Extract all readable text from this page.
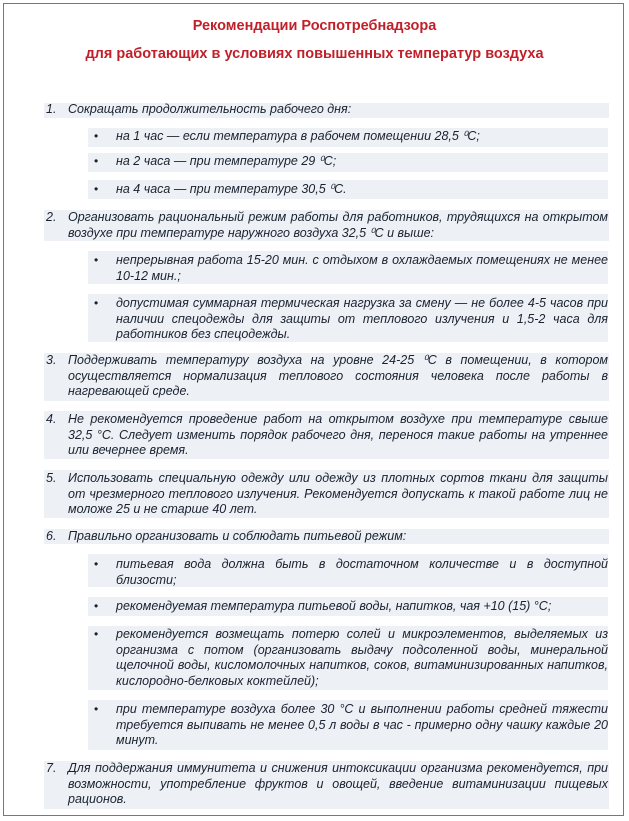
Рекомендации Роспотребнадзора
для работающих в условиях повышенных температур воздуха
1. Сокращать продолжительность рабочего дня:
• на 1 час — если температура в рабочем помещении 28,5 ⁰С;
• на 2 часа — при температуре 29 ⁰С;
• на 4 часа — при температуре 30,5 ⁰С.
2. Организовать рациональный режим работы для работников, трудящихся на открытом воздухе при температуре наружного воздуха 32,5 ⁰С и выше:
• непрерывная работа 15-20 мин. с отдыхом в охлаждаемых помещениях не менее 10-12 мин.;
• допустимая суммарная термическая нагрузка за смену — не более 4-5 часов при наличии спецодежды для защиты от теплового излучения и 1,5-2 часа для работников без спецодежды.
3. Поддерживать температуру воздуха на уровне 24-25 ⁰С в помещении, в котором осуществляется нормализация теплового состояния человека после работы в нагревающей среде.
4. Не рекомендуется проведение работ на открытом воздухе при температуре свыше 32,5 °С. Следует изменить порядок рабочего дня, перенося такие работы на утреннее или вечернее время.
5. Использовать специальную одежду или одежду из плотных сортов ткани для защиты от чрезмерного теплового излучения. Рекомендуется допускать к такой работе лиц не моложе 25 и не старше 40 лет.
6. Правильно организовать и соблюдать питьевой режим:
• питьевая вода должна быть в достаточном количестве и в доступной близости;
• рекомендуемая температура питьевой воды, напитков, чая +10 (15) °С;
• рекомендуется возмещать потерю солей и микроэлементов, выделяемых из организма с потом (организовать выдачу подсоленной воды, минеральной щелочной воды, кисломолочных напитков, соков, витаминизированных напитков, кислородно-белковых коктейлей);
• при температуре воздуха более 30 °С и выполнении работы средней тяжести требуется выпивать не менее 0,5 л воды в час - примерно одну чашку каждые 20 минут.
7. Для поддержания иммунитета и снижения интоксикации организма рекомендуется, при возможности, употребление фруктов и овощей, введение витаминизации пищевых рационов.
